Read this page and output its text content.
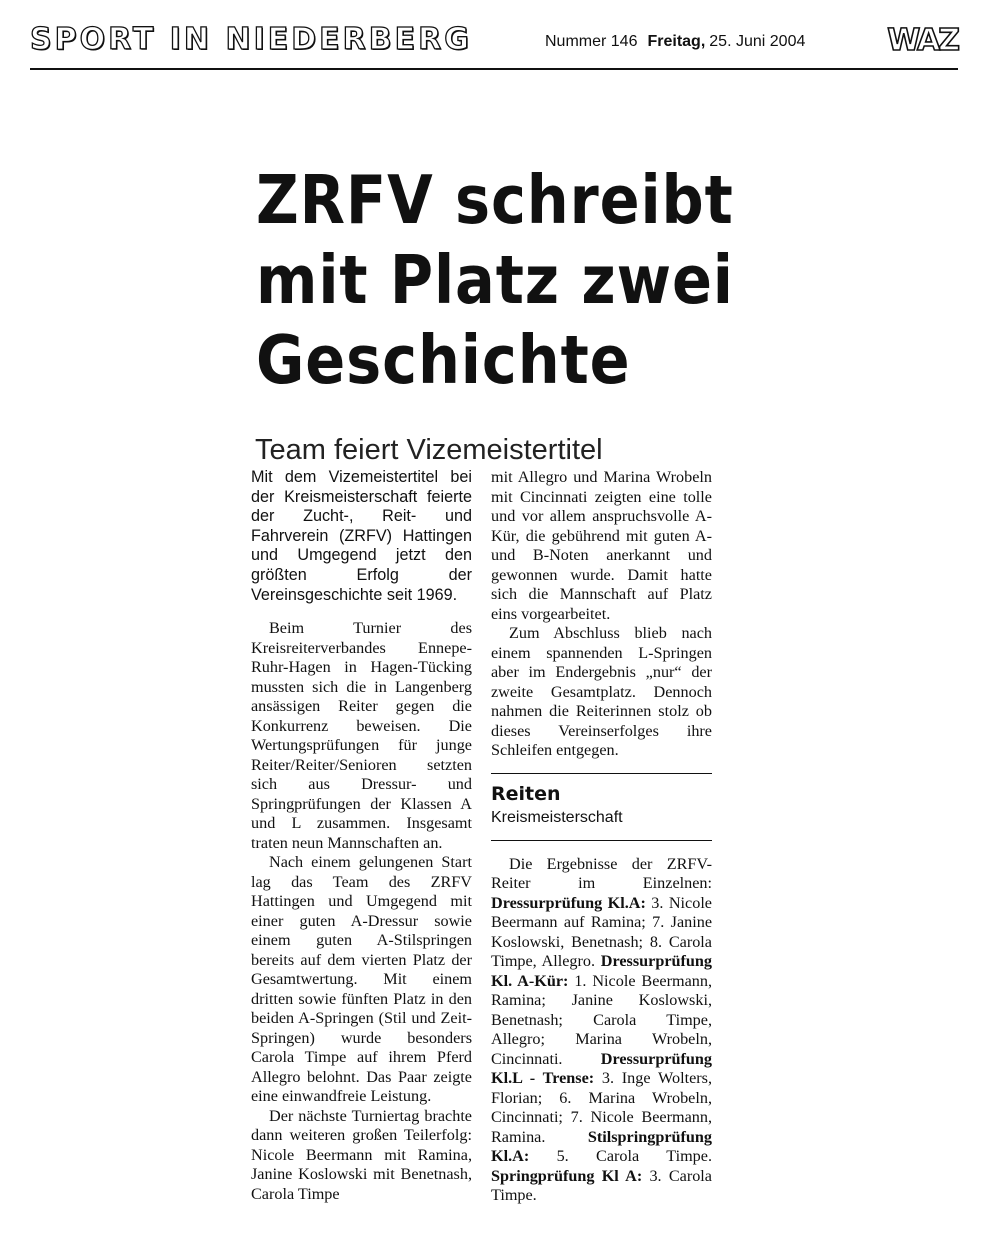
SPORT IN NIEDERBERG	Nummer 146 Freitag, 25. Juni 2004	WAZ
ZRFV schreibt
mit Platz zwei
Geschichte
Team feiert Vizemeistertitel

Mit dem Vizemeistertitel bei der Kreismeisterschaft feierte der Zucht-, Reit- und Fahrverein (ZRFV) Hattingen und Umgegend jetzt den größten Erfolg der Vereinsgeschichte seit 1969.

Beim Turnier des Kreisreiterverbandes Ennepe-Ruhr-Hagen in Hagen-Tücking mussten sich die in Langenberg ansässigen Reiter gegen die Konkurrenz beweisen. Die Wertungsprüfungen für junge Reiter/Reiter/Senioren setzten sich aus Dressur- und Springprüfungen der Klassen A und L zusammen. Insgesamt traten neun Mannschaften an.

Nach einem gelungenen Start lag das Team des ZRFV Hattingen und Umgegend mit einer guten A-Dressur sowie einem guten A-Stilspringen bereits auf dem vierten Platz der Gesamtwertung. Mit einem dritten sowie fünften Platz in den beiden A-Springen (Stil und Zeit-Springen) wurde besonders Carola Timpe auf ihrem Pferd Allegro belohnt. Das Paar zeigte eine einwandfreie Leistung.

Der nächste Turniertag brachte dann weiteren großen Teilerfolg: Nicole Beermann mit Ramina, Janine Koslowski mit Benetnash, Carola Timpe

mit Allegro und Marina Wrobeln mit Cincinnati zeigten eine tolle und vor allem anspruchsvolle A-Kür, die gebührend mit guten A- und B-Noten anerkannt und gewonnen wurde. Damit hatte sich die Mannschaft auf Platz eins vorgearbeitet.

Zum Abschluss blieb nach einem spannenden L-Springen aber im Endergebnis „nur“ der zweite Gesamtplatz. Dennoch nahmen die Reiterinnen stolz ob dieses Vereinserfolges ihre Schleifen entgegen.

Reiten
Kreismeisterschaft

Die Ergebnisse der ZRFV-Reiter im Einzelnen: Dressurprüfung Kl.A: 3. Nicole Beermann auf Ramina; 7. Janine Koslowski, Benetnash; 8. Carola Timpe, Allegro. Dressurprüfung Kl. A-Kür: 1. Nicole Beermann, Ramina; Janine Koslowski, Benetnash; Carola Timpe, Allegro; Marina Wrobeln, Cincinnati. Dressurprüfung Kl.L - Trense: 3. Inge Wolters, Florian; 6. Marina Wrobeln, Cincinnati; 7. Nicole Beermann, Ramina. Stilspringprüfung Kl.A: 5. Carola Timpe. Springprüfung Kl A: 3. Carola Timpe.
